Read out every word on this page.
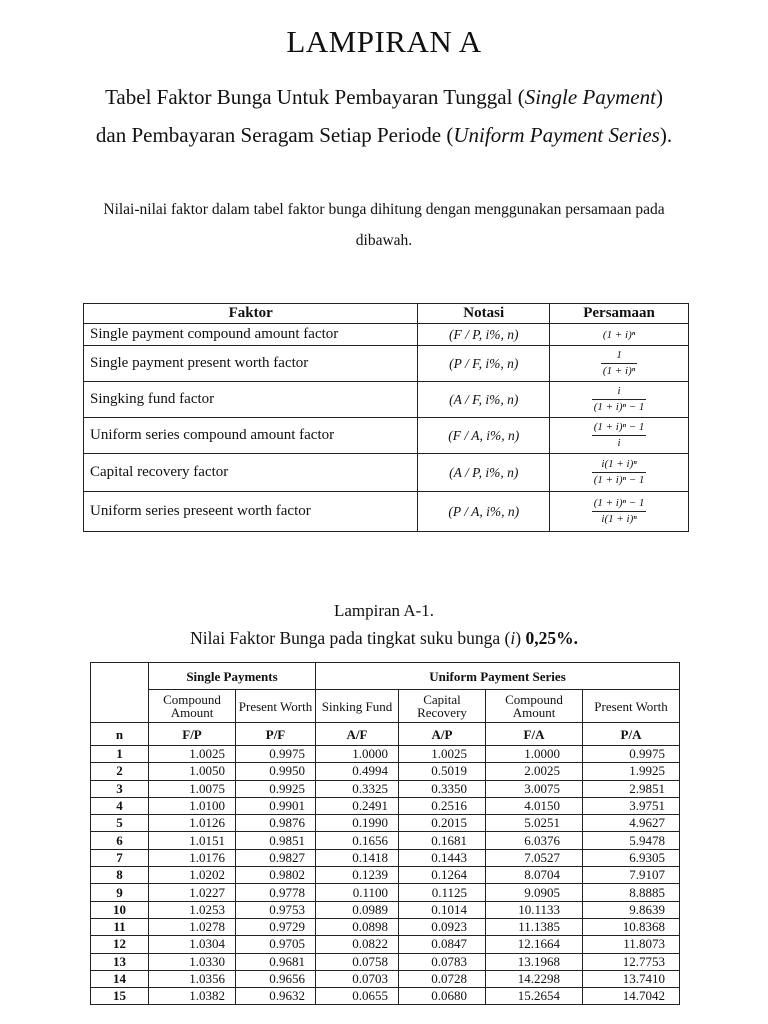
LAMPIRAN A
Tabel Faktor Bunga Untuk Pembayaran Tunggal (Single Payment) dan Pembayaran Seragam Setiap Periode (Uniform Payment Series).
Nilai-nilai faktor dalam tabel faktor bunga dihitung dengan menggunakan persamaan pada dibawah.
Faktor	Notasi	Persamaan
Single payment compound amount factor	(F / P, i%, n)	(1 + i)ⁿ
Single payment present worth factor	(P / F, i%, n)	$\frac{1}{\text{(1 + i)ⁿ}}$

Singking fund factor	(A / F, i%, n)	$\frac{i}{\text{(1 + i)ⁿ − 1}}$

Uniform series compound amount factor	(F / A, i%, n)	$\frac{\text{(1 + i)ⁿ − 1}}{i}$

Capital recovery factor	(A / P, i%, n)	$\frac{\text{i(1 + i)ⁿ}}{\text{(1 + i)ⁿ − 1}}$

Uniform series preseent worth factor	(P / A, i%, n)	$\frac{\text{(1 + i)ⁿ − 1}}{\text{i(1 + i)ⁿ}}$
Lampiran A-1.
Nilai Faktor Bunga pada tingkat suku bunga (i) 0,25%.
	Single Payments		Uniform Payment Series			
	Compound Amount	Present Worth	Sinking Fund	Capital Recovery	Compound Amount	Present Worth
n	F/P	P/F	A/F	A/P	F/A	P/A
1	1.0025	0.9975	1.0000	1.0025	1.0000	0.9975
2	1.0050	0.9950	0.4994	0.5019	2.0025	1.9925
3	1.0075	0.9925	0.3325	0.3350	3.0075	2.9851
4	1.0100	0.9901	0.2491	0.2516	4.0150	3.9751
5	1.0126	0.9876	0.1990	0.2015	5.0251	4.9627
6	1.0151	0.9851	0.1656	0.1681	6.0376	5.9478
7	1.0176	0.9827	0.1418	0.1443	7.0527	6.9305
8	1.0202	0.9802	0.1239	0.1264	8.0704	7.9107
9	1.0227	0.9778	0.1100	0.1125	9.0905	8.8885
10	1.0253	0.9753	0.0989	0.1014	10.1133	9.8639
11	1.0278	0.9729	0.0898	0.0923	11.1385	10.8368
12	1.0304	0.9705	0.0822	0.0847	12.1664	11.8073
13	1.0330	0.9681	0.0758	0.0783	13.1968	12.7753
14	1.0356	0.9656	0.0703	0.0728	14.2298	13.7410
15	1.0382	0.9632	0.0655	0.0680	15.2654	14.7042
